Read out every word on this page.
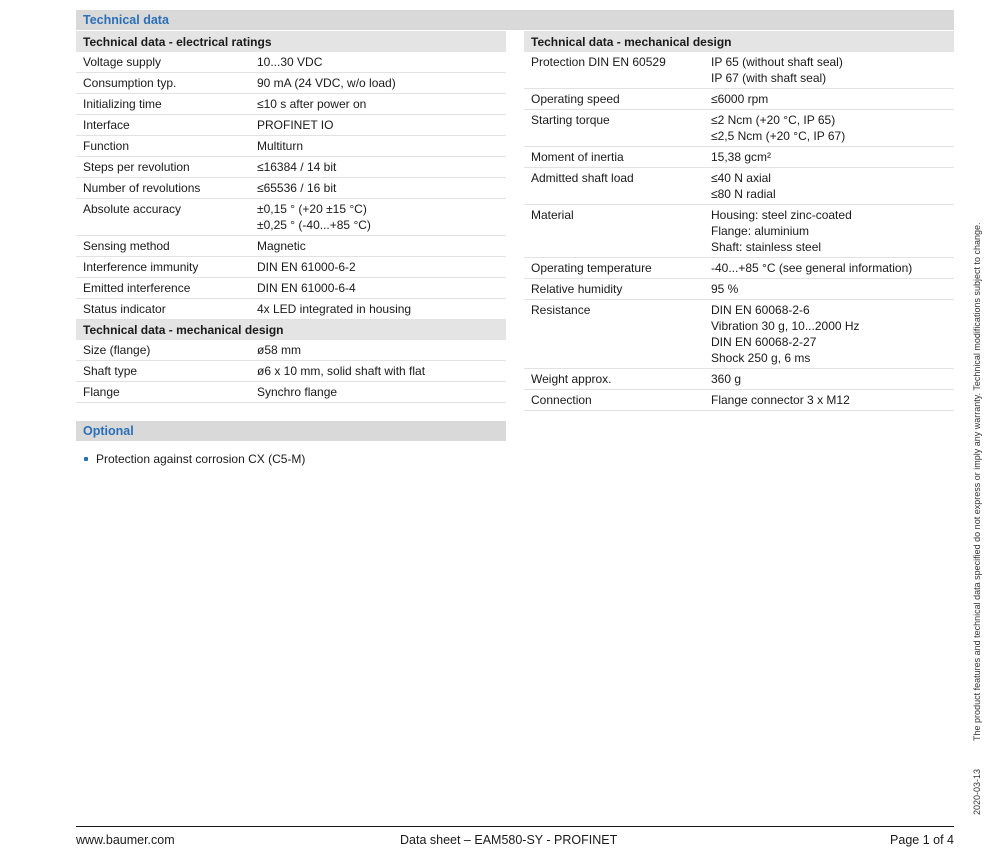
Technical data
Technical data - electrical ratings	
Voltage supply	10...30 VDC

Consumption typ.	90 mA (24 VDC, w/o load)

Initializing time	≤10 s after power on

Interface	PROFINET IO

Function	Multiturn

Steps per revolution	≤16384 / 14 bit

Number of revolutions	≤65536 / 16 bit

Absolute accuracy	±0,15 ° (+20 ±15 °C)
±0,25 ° (-40...+85 °C)

Sensing method	Magnetic

Interference immunity	DIN EN 61000-6-2

Emitted interference	DIN EN 61000-6-4

Status indicator	4x LED integrated in housing

Technical data - mechanical design	
Size (flange)	ø58 mm

Shaft type	ø6 x 10 mm, solid shaft with flat

Flange	Synchro flange
Technical data - mechanical design	
Protection DIN EN 60529	IP 65 (without shaft seal)
IP 67 (with shaft seal)

Operating speed	≤6000 rpm

Starting torque	≤2 Ncm (+20 °C, IP 65)
≤2,5 Ncm (+20 °C, IP 67)

Moment of inertia	15,38 gcm²

Admitted shaft load	≤40 N axial
≤80 N radial

Material	Housing: steel zinc-coated
Flange: aluminium
Shaft: stainless steel

Operating temperature	-40...+85 °C (see general information)

Relative humidity	95 %

Resistance	DIN EN 60068-2-6
Vibration 30 g, 10...2000 Hz
DIN EN 60068-2-27
Shock 250 g, 6 ms

Weight approx.	360 g

Connection	Flange connector 3 x M12
Optional
Protection against corrosion CX (C5-M)
www.baumer.com	Data sheet – EAM580-SY - PROFINET	Page 1 of 4
2020-03-13The product features and technical data specified do not express or imply any warranty. Technical modifications subject to change.
